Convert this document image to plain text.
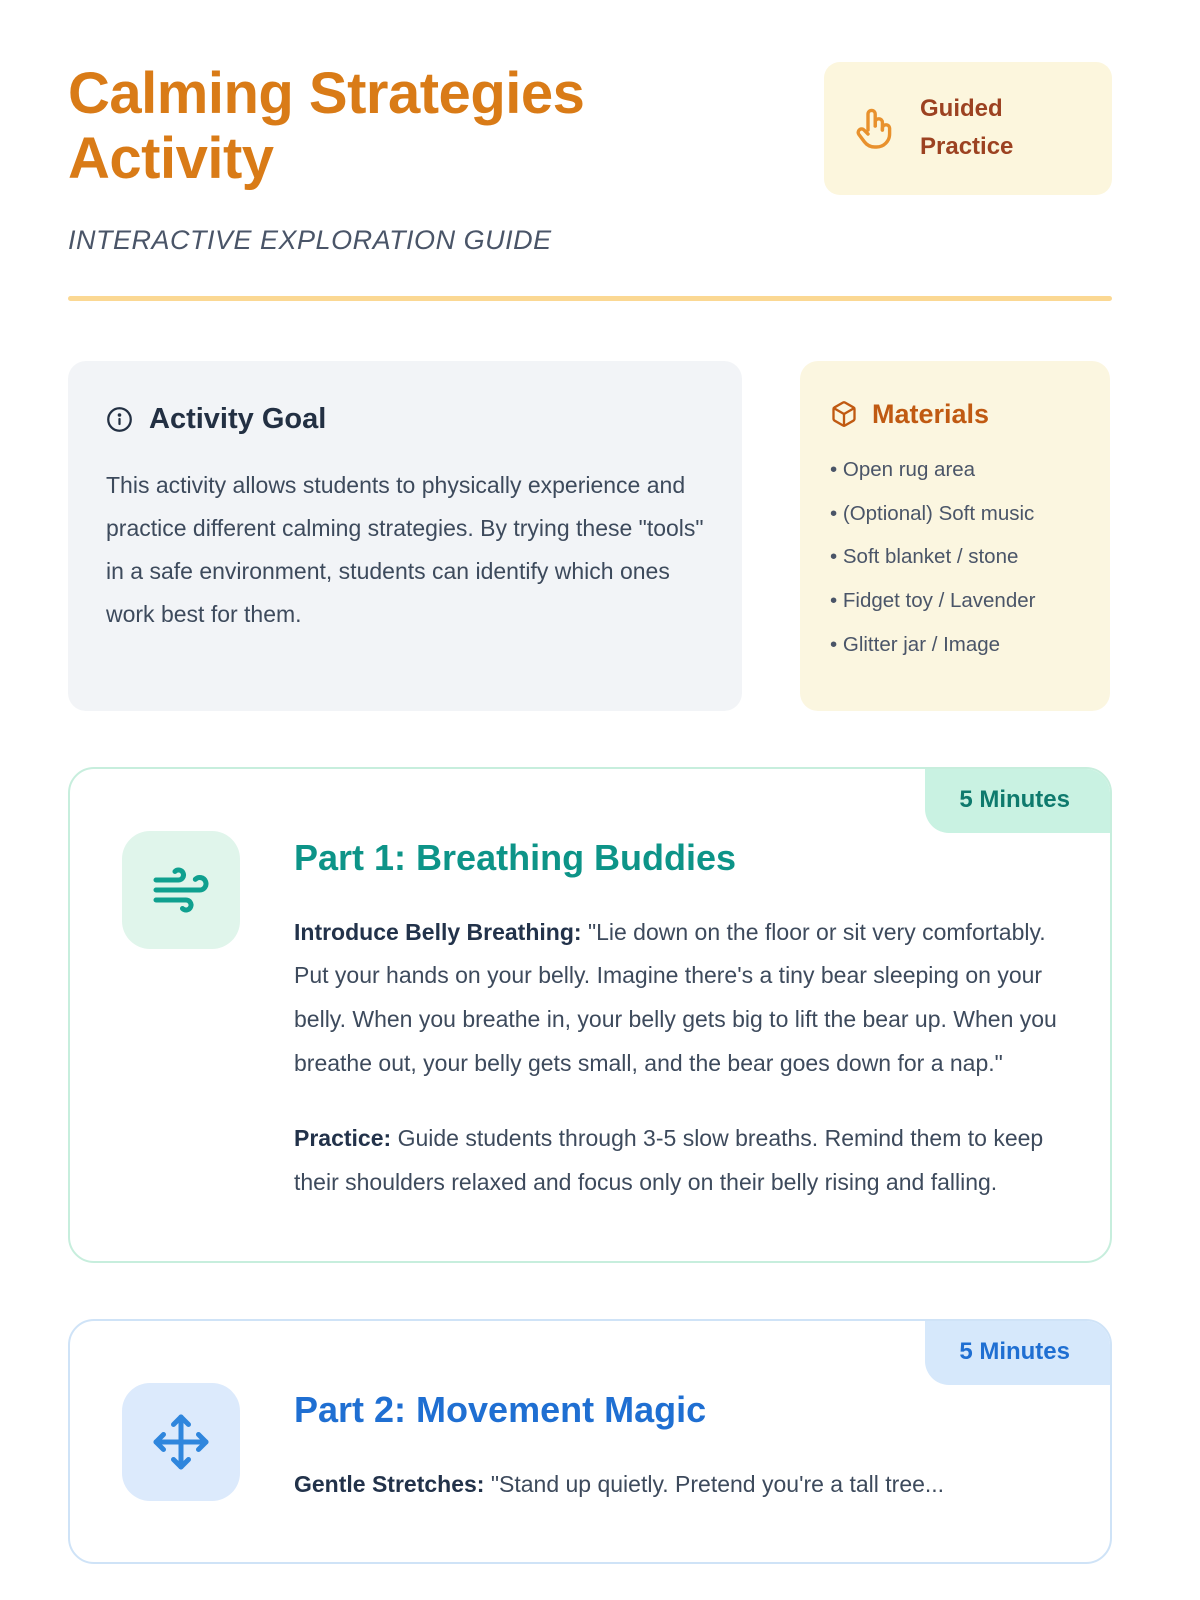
Calming Strategies Activity
Guided
Practice
INTERACTIVE EXPLORATION GUIDE
Activity Goal

This activity allows students to physically experience and practice different calming strategies. By trying these "tools" in a safe environment, students can identify which ones work best for them.

Materials
• Open rug area
• (Optional) Soft music
• Soft blanket / stone
• Fidget toy / Lavender
• Glitter jar / Image
5 Minutes
Part 1: Breathing Buddies

Introduce Belly Breathing: "Lie down on the floor or sit very comfortably. Put your hands on your belly. Imagine there's a tiny bear sleeping on your belly. When you breathe in, your belly gets big to lift the bear up. When you breathe out, your belly gets small, and the bear goes down for a nap."

Practice: Guide students through 3-5 slow breaths. Remind them to keep their shoulders relaxed and focus only on their belly rising and falling.

5 Minutes
Part 2: Movement Magic

Gentle Stretches: "Stand up quietly. Pretend you're a tall tree...
